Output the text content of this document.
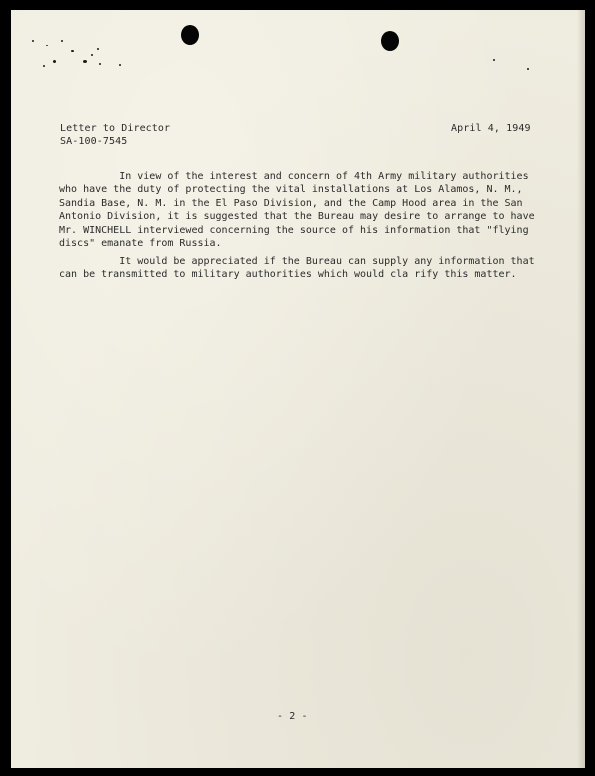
Letter to Director
SA-100-7545
April 4, 1949
In view of the interest and concern of 4th Army military authorities
who have the duty of protecting the vital installations at Los Alamos, N. M.,
Sandia Base, N. M. in the El Paso Division, and the Camp Hood area in the San
Antonio Division, it is suggested that the Bureau may desire to arrange to have
Mr. WINCHELL interviewed concerning the source of his information that "flying
discs" emanate from Russia.
It would be appreciated if the Bureau can supply any information that
can be transmitted to military authorities which would cla rify this matter.
- 2 -
